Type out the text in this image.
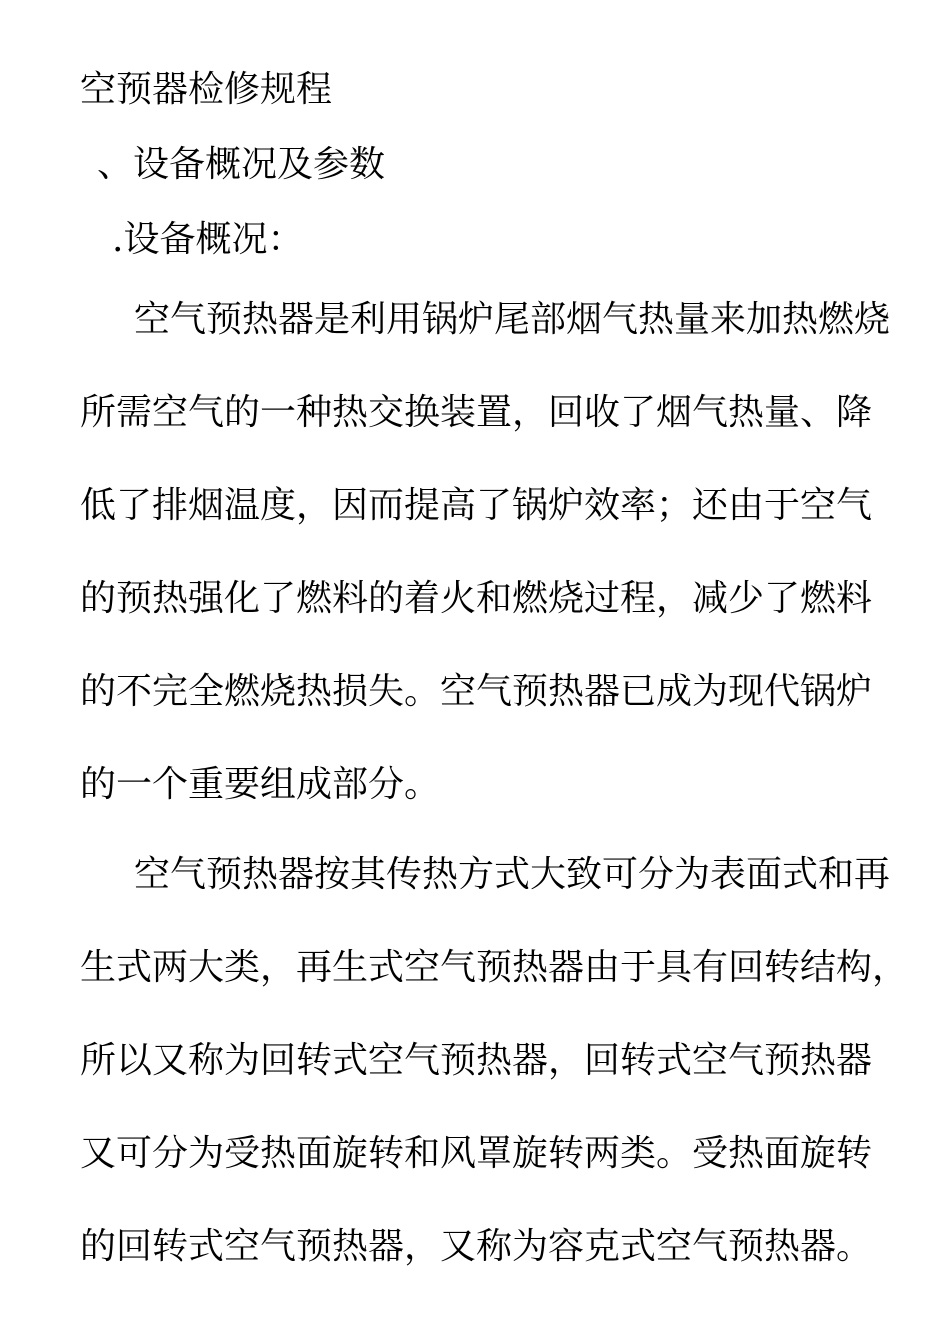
空预器检修规程
、设备概况及参数
.设备概况：
空气预热器是利用锅炉尾部烟气热量来加热燃烧
所需空气的一种热交换装置，回收了烟气热量、降
低了排烟温度，因而提高了锅炉效率；还由于空气
的预热强化了燃料的着火和燃烧过程，减少了燃料
的不完全燃烧热损失。空气预热器已成为现代锅炉
的一个重要组成部分。
空气预热器按其传热方式大致可分为表面式和再
生式两大类，再生式空气预热器由于具有回转结构，
所以又称为回转式空气预热器，回转式空气预热器
又可分为受热面旋转和风罩旋转两类。受热面旋转
的回转式空气预热器，又称为容克式空气预热器。
